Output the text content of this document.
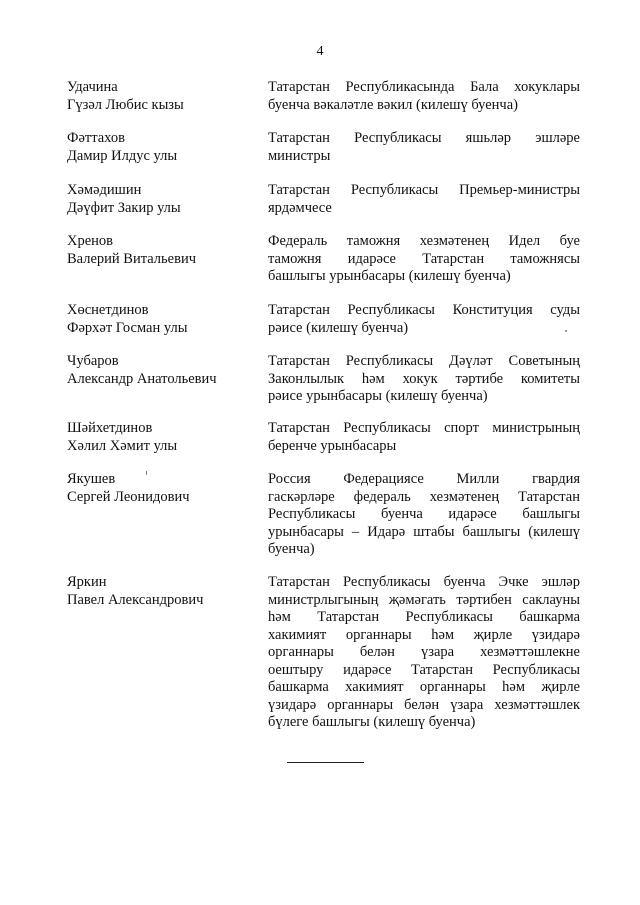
4
Удачина
Гүзәл Любис кызы
Татарстан Республикасында Бала хокуклары
буенча вәкаләтле вәкил (килешү буенча)
Фәттахов
Дамир Илдус улы
Татарстан Республикасы яшьләр эшләре
министры
Хәмәдишин
Дәүфит Закир улы
Татарстан Республикасы Премьер-министры
ярдәмчесе
Хренов
Валерий Витальевич
Федераль таможня хезмәтенең Идел буе
таможня идарәсе Татарстан таможнясы
башлыгы урынбасары (килешү буенча)
Хөснетдинов
Фәрхәт Госман улы
Татарстан Республикасы Конституция суды
рәисе (килешү буенча)
Чубаров
Александр Анатольевич
Татарстан Республикасы Дәүләт Советының
Законлылык һәм хокук тәртибе комитеты
рәисе урынбасары (килешү буенча)
Шәйхетдинов
Хәлил Хәмит улы
Татарстан Республикасы спорт министрының
беренче урынбасары
Якушев
Сергей Леонидович
Россия Федерациясе Милли гвардия
гаскәрләре федераль хезмәтенең Татарстан
Республикасы буенча идарәсе башлыгы
урынбасары – Идарә штабы башлыгы (килешү
буенча)
Яркин
Павел Александрович
Татарстан Республикасы буенча Эчке эшләр
министрлыгының җәмәгать тәртибен саклауны
һәм Татарстан Республикасы башкарма
хакимият органнары һәм җирле үзидарә
органнары белән үзара хезмәттәшлекне
оештыру идарәсе Татарстан Республикасы
башкарма хакимият органнары һәм җирле
үзидарә органнары белән үзара хезмәттәшлек
бүлеге башлыгы (килешү буенча)
